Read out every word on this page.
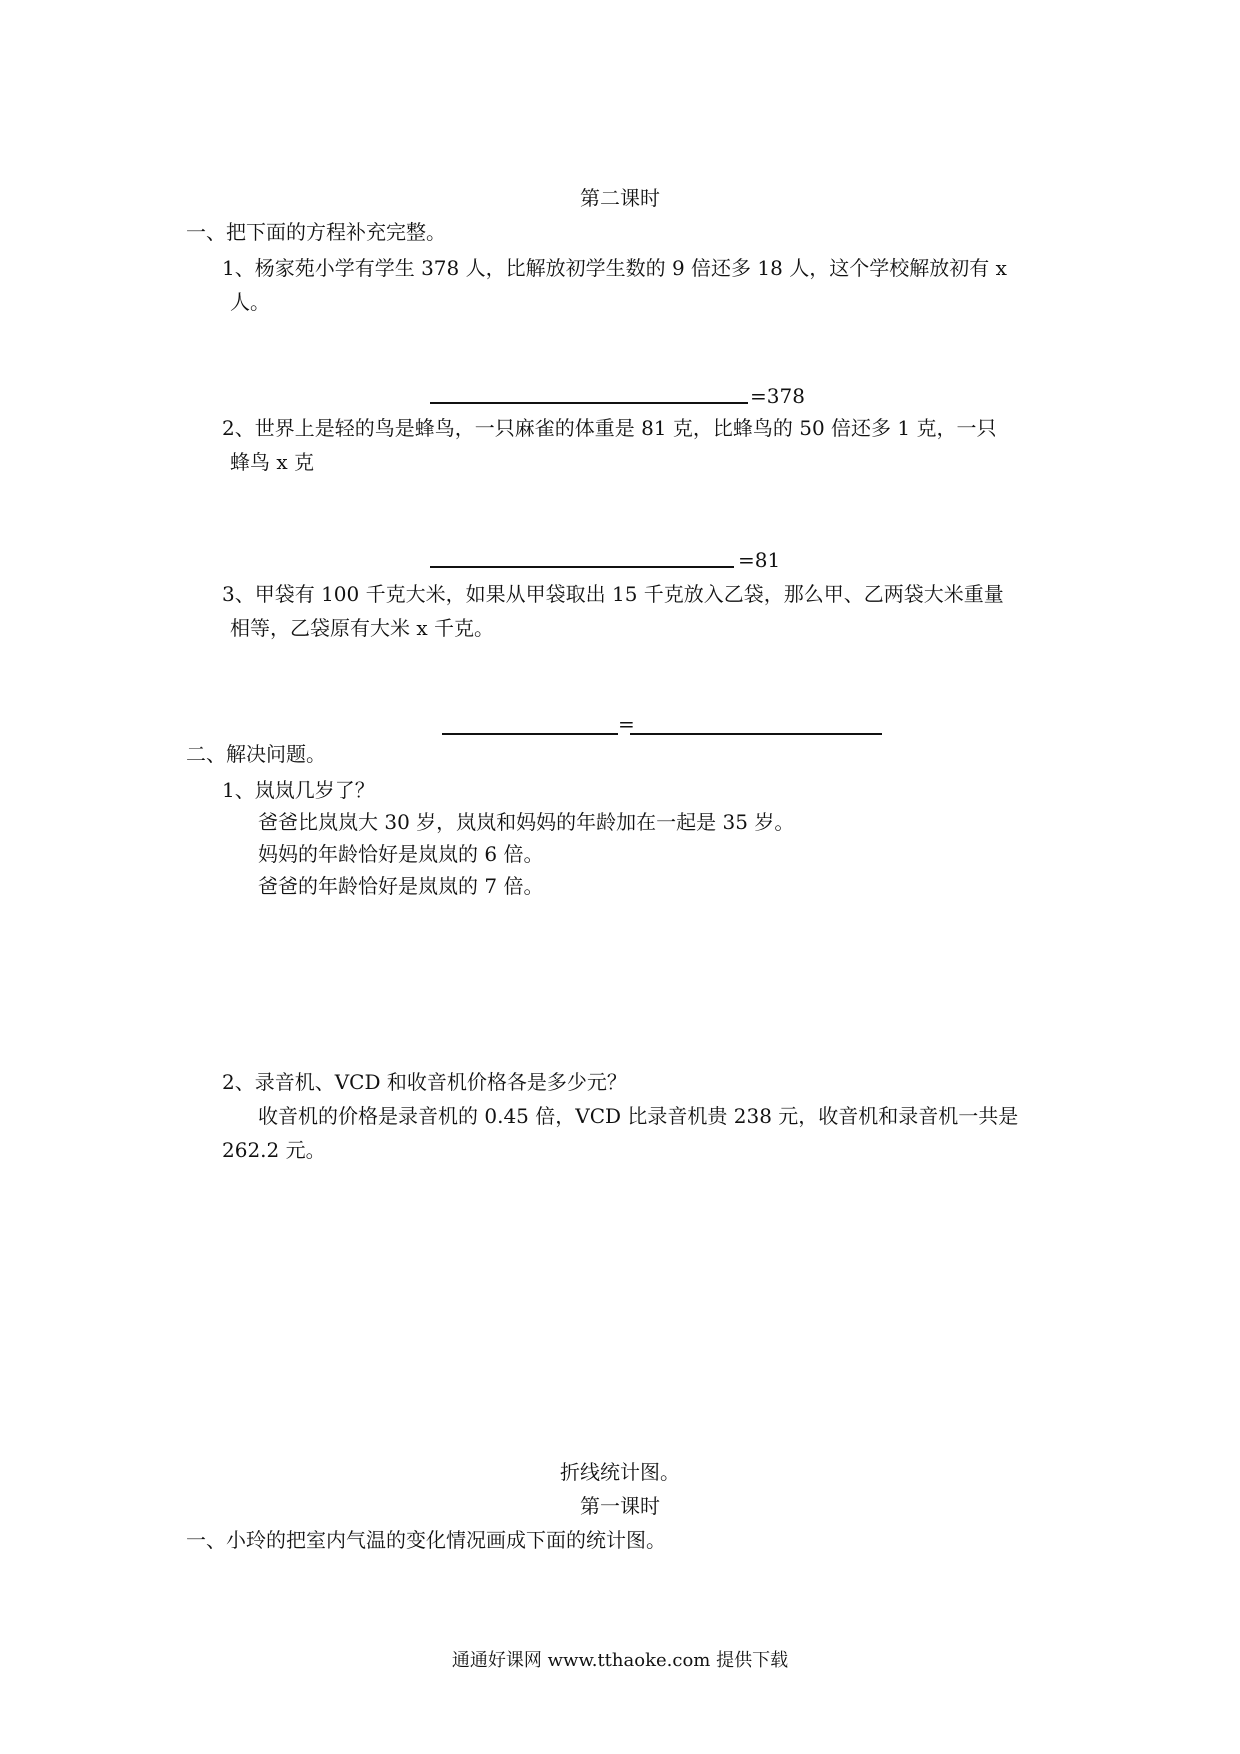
第二课时
一、把下面的方程补充完整。
1、杨家苑小学有学生 378 人，比解放初学生数的 9 倍还多 18 人，这个学校解放初有 x
人。
=378
2、世界上是轻的鸟是蜂鸟，一只麻雀的体重是 81 克，比蜂鸟的 50 倍还多 1 克，一只
蜂鸟 x 克
=81
3、甲袋有 100 千克大米，如果从甲袋取出 15 千克放入乙袋，那么甲、乙两袋大米重量
相等，乙袋原有大米 x 千克。
=
二、解决问题。
1、岚岚几岁了？
爸爸比岚岚大 30 岁，岚岚和妈妈的年龄加在一起是 35 岁。
妈妈的年龄恰好是岚岚的 6 倍。
爸爸的年龄恰好是岚岚的 7 倍。
2、录音机、VCD 和收音机价格各是多少元？
收音机的价格是录音机的 0.45 倍，VCD 比录音机贵 238 元，收音机和录音机一共是
262.2 元。
折线统计图。
第一课时
一、小玲的把室内气温的变化情况画成下面的统计图。
通通好课网 www.tthaoke.com 提供下载
